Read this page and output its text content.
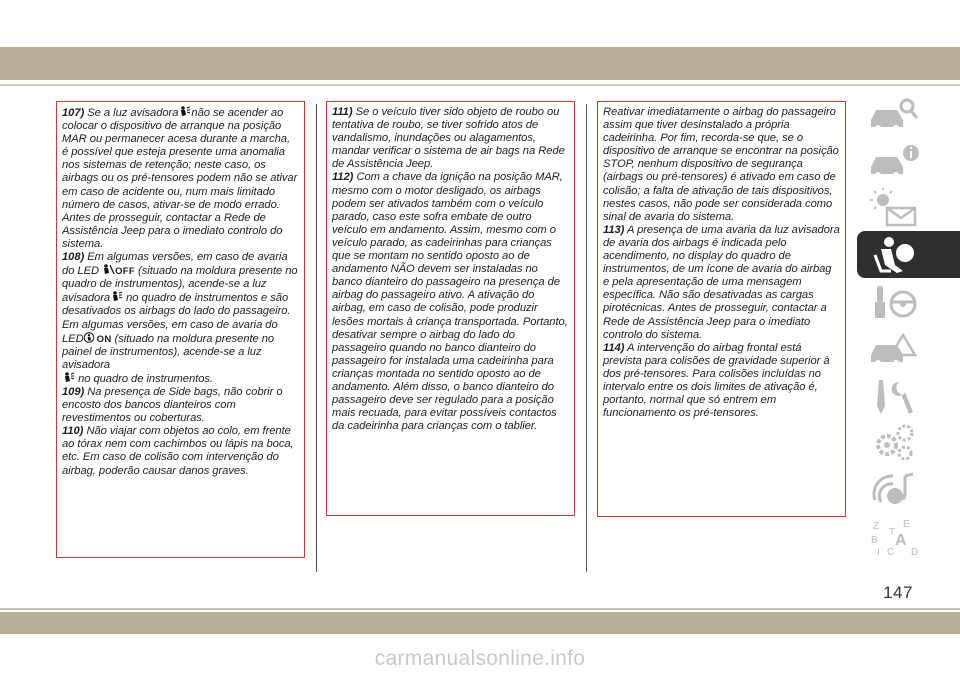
107) Se a luz avisadora não se acender ao colocar o dispositivo de arranque na posição MAR ou permanecer acesa durante a marcha, é possível que esteja presente uma anomalia nos sistemas de retenção; neste caso, os airbags ou os pré-tensores podem não se ativar em caso de acidente ou, num mais limitado número de casos, ativar-se de modo errado. Antes de prosseguir, contactar a Rede de Assistência Jeep para o imediato controlo do sistema.

108) Em algumas versões, em caso de avaria do LED OFF (situado na moldura presente no quadro de instrumentos), acende-se a luz avisadora no quadro de instrumentos e são desativados os airbags do lado do passageiro. Em algumas versões, em caso de avaria do LED ON (situado na moldura presente no painel de instrumentos), acende-se a luz avisadora

no quadro de instrumentos.

109) Na presença de Side bags, não cobrir o encosto dos bancos dianteiros com revestimentos ou coberturas.

110) Não viajar com objetos ao colo, em frente ao tórax nem com cachimbos ou lápis na boca, etc. Em caso de colisão com intervenção do airbag, poderão causar danos graves.

111) Se o veículo tiver sido objeto de roubo ou tentativa de roubo, se tiver sofrido atos de vandalismo, inundações ou alagamentos, mandar verificar o sistema de air bags na Rede de Assistência Jeep.

112) Com a chave da ignição na posição MAR, mesmo com o motor desligado, os airbags podem ser ativados também com o veículo parado, caso este sofra embate de outro veículo em andamento. Assim, mesmo com o veículo parado, as cadeirinhas para crianças que se montam no sentido oposto ao de andamento NÃO devem ser instaladas no banco dianteiro do passageiro na presença de airbag do passageiro ativo. A ativação do airbag, em caso de colisão, pode produzir lesões mortais à criança transportada. Portanto, desativar sempre o airbag do lado do passageiro quando no banco dianteiro do passageiro for instalada uma cadeirinha para crianças montada no sentido oposto ao de andamento. Além disso, o banco dianteiro do passageiro deve ser regulado para a posição mais recuada, para evitar possíveis contactos da cadeirinha para crianças com o tablier.

Reativar imediatamente o airbag do passageiro assim que tiver desinstalado a própria cadeirinha. Por fim, recorda-se que, se o dispositivo de arranque se encontrar na posição STOP, nenhum dispositivo de segurança (airbags ou pré-tensores) é ativado em caso de colisão; a falta de ativação de tais dispositivos, nestes casos, não pode ser considerada como sinal de avaria do sistema.

113) A presença de uma avaria da luz avisadora de avaria dos airbags é indicada pelo acendimento, no display do quadro de instrumentos, de um ícone de avaria do airbag e pela apresentação de uma mensagem específica. Não são desativadas as cargas pirotécnicas. Antes de prosseguir, contactar a Rede de Assistência Jeep para o imediato controlo do sistema.

114) A intervenção do airbag frontal está prevista para colisões de gravidade superior à dos pré-tensores. Para colisões incluídas no intervalo entre os dois limites de ativação é, portanto, normal que só entrem em funcionamento os pré-tensores.

Z E
B A
C
I
T
D
147
carmanualsonline.info
